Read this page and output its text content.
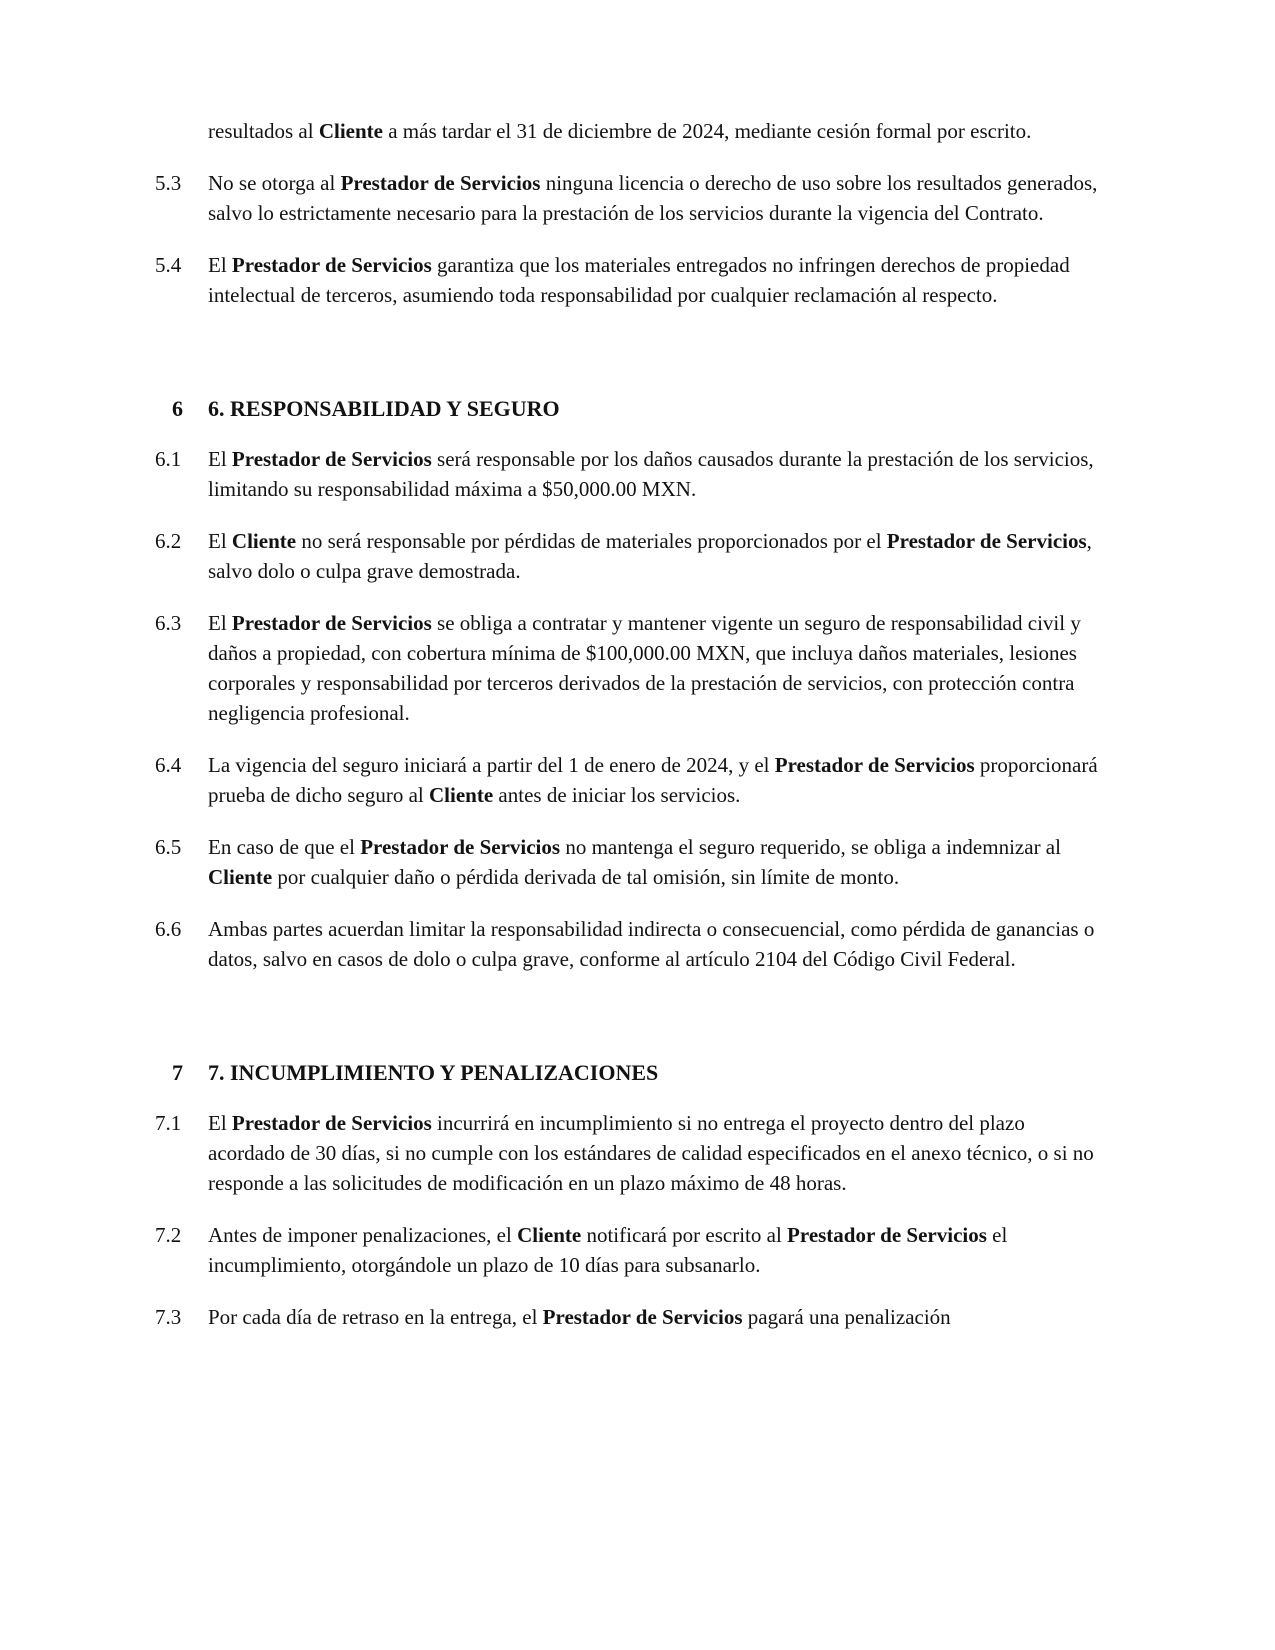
resultados al Cliente a más tardar el 31 de diciembre de 2024, mediante cesión formal por escrito.
5.3 No se otorga al Prestador de Servicios ninguna licencia o derecho de uso sobre los resultados generados, salvo lo estrictamente necesario para la prestación de los servicios durante la vigencia del Contrato.
5.4 El Prestador de Servicios garantiza que los materiales entregados no infringen derechos de propiedad intelectual de terceros, asumiendo toda responsabilidad por cualquier reclamación al respecto.
6 6. RESPONSABILIDAD Y SEGURO
6.1 El Prestador de Servicios será responsable por los daños causados durante la prestación de los servicios, limitando su responsabilidad máxima a $50,000.00 MXN.
6.2 El Cliente no será responsable por pérdidas de materiales proporcionados por el Prestador de Servicios, salvo dolo o culpa grave demostrada.
6.3 El Prestador de Servicios se obliga a contratar y mantener vigente un seguro de responsabilidad civil y daños a propiedad, con cobertura mínima de $100,000.00 MXN, que incluya daños materiales, lesiones corporales y responsabilidad por terceros derivados de la prestación de servicios, con protección contra negligencia profesional.
6.4 La vigencia del seguro iniciará a partir del 1 de enero de 2024, y el Prestador de Servicios proporcionará prueba de dicho seguro al Cliente antes de iniciar los servicios.
6.5 En caso de que el Prestador de Servicios no mantenga el seguro requerido, se obliga a indemnizar al Cliente por cualquier daño o pérdida derivada de tal omisión, sin límite de monto.
6.6 Ambas partes acuerdan limitar la responsabilidad indirecta o consecuencial, como pérdida de ganancias o datos, salvo en casos de dolo o culpa grave, conforme al artículo 2104 del Código Civil Federal.
7 7. INCUMPLIMIENTO Y PENALIZACIONES
7.1 El Prestador de Servicios incurrirá en incumplimiento si no entrega el proyecto dentro del plazo acordado de 30 días, si no cumple con los estándares de calidad especificados en el anexo técnico, o si no responde a las solicitudes de modificación en un plazo máximo de 48 horas.
7.2 Antes de imponer penalizaciones, el Cliente notificará por escrito al Prestador de Servicios el incumplimiento, otorgándole un plazo de 10 días para subsanarlo.
7.3 Por cada día de retraso en la entrega, el Prestador de Servicios pagará una penalización
